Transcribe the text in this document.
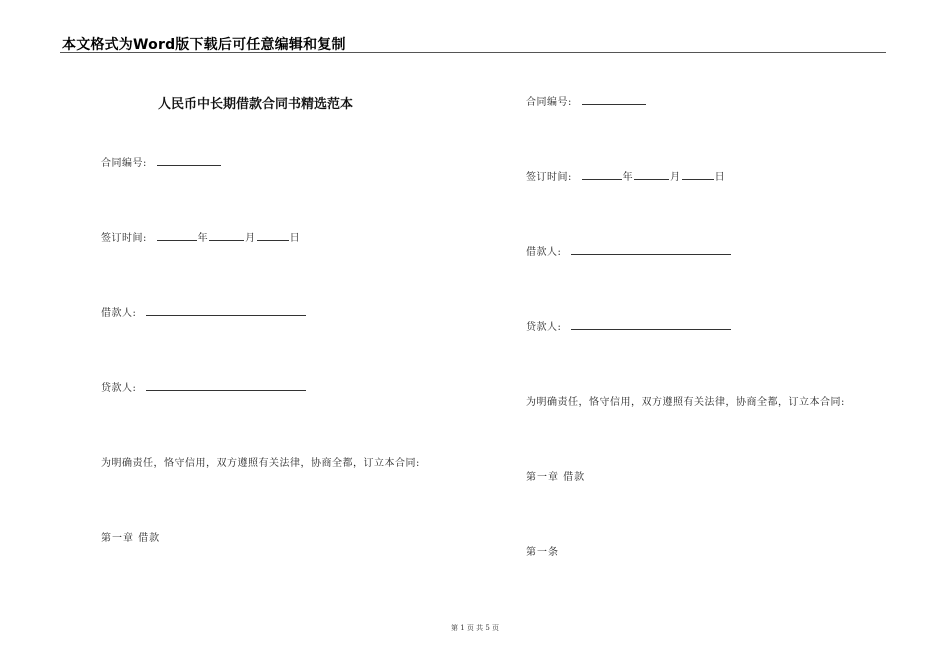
本文格式为Word版下载后可任意编辑和复制
人民币中长期借款合同书精选范本
合同编号:
签订时间:	年	月	日
借款人:
贷款人:
为明确责任，恪守信用，双方遵照有关法律，协商全都，订立本合同:
第一章 借款
合同编号:
签订时间:	年	月	日
借款人:
贷款人:
为明确责任，恪守信用，双方遵照有关法律，协商全都，订立本合同:
第一章 借款
第一条
第 1 页 共 5 页
